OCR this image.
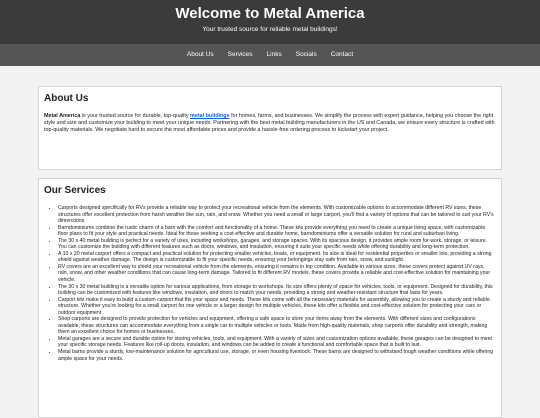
Welcome to Metal America

Your trusted source for reliable metal buildings!

About Us	Services	Links	Socials	Contact
About Us

Metal America is your trusted source for durable, top-quality metal buildings for homes, farms, and businesses. We simplify the process with expert guidance, helping you choose the right style and size and customize your building to meet your unique needs. Partnering with the best metal building manufacturers in the US and Canada, we ensure every structure is crafted with top-quality materials. We negotiate hard to secure the most affordable prices and provide a hassle-free ordering process to kickstart your project.

Our Services
• Carports designed specifically for RVs provide a reliable way to protect your recreational vehicle from the elements. With customizable options to accommodate different RV sizes, these structures offer excellent protection from harsh weather like sun, rain, and snow. Whether you need a small or large carport, you'll find a variety of options that can be tailored to suit your RV's dimensions.
• Barndominiums combine the rustic charm of a barn with the comfort and functionality of a home. These kits provide everything you need to create a unique living space, with customizable floor plans to fit your style and practical needs. Ideal for those seeking a cost-effective and durable home, barndominiums offer a versatile solution for rural and suburban living.
• The 30 x 40 metal building is perfect for a variety of uses, including workshops, garages, and storage spaces. With its spacious design, it provides ample room for work, storage, or leisure. You can customize the building with different features such as doors, windows, and insulation, ensuring it suits your specific needs while offering durability and long-term protection.
• A 10 x 20 metal carport offers a compact and practical solution for protecting smaller vehicles, boats, or equipment. Its size is ideal for residential properties or smaller lots, providing a strong shield against weather damage. The design is customizable to fit your specific needs, ensuring your belongings stay safe from rain, snow, and sunlight.
• RV covers are an excellent way to shield your recreational vehicle from the elements, ensuring it remains in top condition. Available in various sizes, these covers protect against UV rays, rain, snow, and other weather conditions that can cause long-term damage. Tailored to fit different RV models, these covers provide a reliable and cost-effective solution for maintaining your vehicle.
• The 30 x 30 metal building is a versatile option for various applications, from storage to workshops. Its size offers plenty of space for vehicles, tools, or equipment. Designed for durability, this building can be customized with features like windows, insulation, and doors to match your needs, providing a strong and weather-resistant structure that lasts for years.
• Carport kits make it easy to build a custom carport that fits your space and needs. These kits come with all the necessary materials for assembly, allowing you to create a sturdy and reliable structure. Whether you're looking for a small carport for one vehicle or a larger design for multiple vehicles, these kits offer a flexible and cost-effective solution for protecting your cars or outdoor equipment.
• Shop carports are designed to provide protection for vehicles and equipment, offering a safe space to store your items away from the elements. With different sizes and configurations available, these structures can accommodate everything from a single car to multiple vehicles or tools. Made from high-quality materials, shop carports offer durability and strength, making them an excellent choice for homes or businesses.
• Metal garages are a secure and durable option for storing vehicles, tools, and equipment. With a variety of sizes and customization options available, these garages can be designed to meet your specific storage needs. Features like roll-up doors, insulation, and windows can be added to create a functional and comfortable space that is built to last.
• Metal barns provide a sturdy, low-maintenance solution for agricultural use, storage, or even housing livestock. These barns are designed to withstand tough weather conditions while offering ample space for your needs.
